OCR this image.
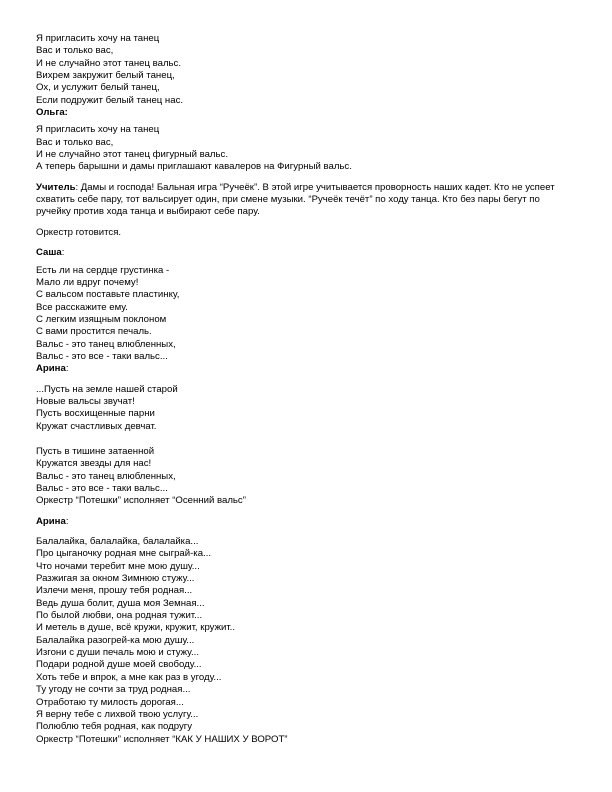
Я пригласить хочу на танец
Вас и только вас,
И не случайно этот танец вальс.
Вихрем закружит белый танец,
Ох, и услужит белый танец,
Если подружит белый танец нас.
Ольга:
Я пригласить хочу на танец
Вас и только вас,
И не случайно этот танец фигурный вальс.
А теперь барышни и дамы приглашают кавалеров на Фигурный вальс.
Учитель: Дамы и господа! Бальная игра “Ручеёк”. В этой игре учитывается проворность наших кадет. Кто не успеет схватить себе пару, тот вальсирует один, при смене музыки. “Ручеёк течёт” по ходу танца. Кто без пары бегут по ручейку против хода танца и выбирают себе пару.
Оркестр готовится.
Саша:
Есть ли на сердце грустинка -
Мало ли вдруг почему!
С вальсом поставьте пластинку,
Все расскажите ему.
С легким изящным поклоном
С вами простится печаль.
Вальс - это танец влюбленных,
Вальс - это все - таки вальс...
Арина:
...Пусть на земле нашей старой
Новые вальсы звучат!
Пусть восхищенные парни
Кружат счастливых девчат.
Пусть в тишине затаенной
Кружатся звезды для нас!
Вальс - это танец влюбленных,
Вальс - это все - таки вальс...
Оркестр “Потешки” исполняет “Осенний вальс”
Арина:
Балалайка, балалайка, балалайка...
Про цыганочку родная мне сыграй-ка...
Что ночами теребит мне мою душу...
Разжигая за окном Зимнюю стужу...
Излечи меня, прошу тебя родная...
Ведь душа болит, душа моя Земная...
По былой любви, она родная тужит...
И метель в душе, всё кружи, кружит, кружит..
Балалайка разогрей-ка мою душу...
Изгони с души печаль мою и стужу...
Подари родной душе моей свободу...
Хоть тебе и впрок, а мне как раз в угоду...
Ту угоду не сочти за труд родная...
Отработаю ту милость дорогая...
Я верну тебе с лихвой твою услугу...
Полюблю тебя родная, как подругу
Оркестр “Потешки” исполняет “КАК У НАШИХ У ВОРОТ”
